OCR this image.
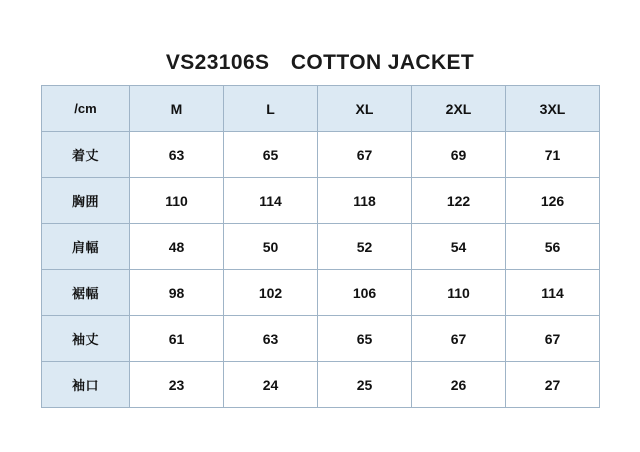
VS23106S　COTTON JACKET
/cm	M	L	XL	2XL	3XL
着丈	63	65	67	69	71
胸囲	110	114	118	122	126
肩幅	48	50	52	54	56
裾幅	98	102	106	110	114
袖丈	61	63	65	67	67
袖口	23	24	25	26	27
